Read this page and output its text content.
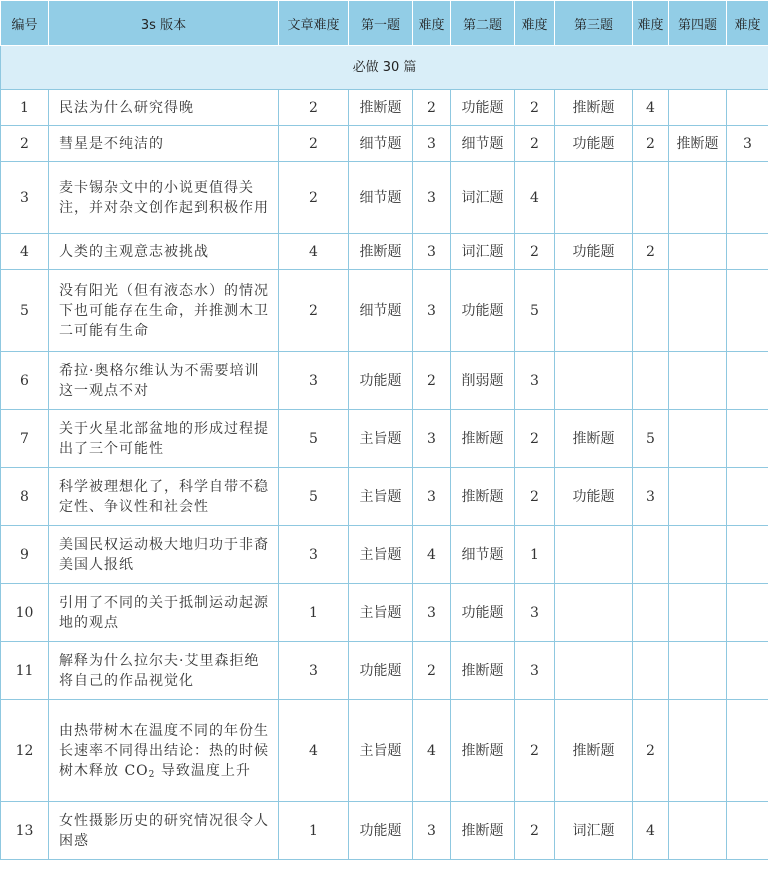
编号	3s 版本	文章难度	第一题	难度	第二题	难度	第三题	难度	第四题	难度
必做 30 篇										
1	民法为什么研究得晚	2	推断题	2	功能题	2	推断题	4		
2	彗星是不纯洁的	2	细节题	3	细节题	2	功能题	2	推断题	3
3	麦卡锡杂文中的小说更值得关注，并对杂文创作起到积极作用	2	细节题	3	词汇题	4				
4	人类的主观意志被挑战	4	推断题	3	词汇题	2	功能题	2		
5	没有阳光（但有液态水）的情况下也可能存在生命，并推测木卫二可能有生命	2	细节题	3	功能题	5				
6	希拉·奥格尔维认为不需要培训这一观点不对	3	功能题	2	削弱题	3				
7	关于火星北部盆地的形成过程提出了三个可能性	5	主旨题	3	推断题	2	推断题	5		
8	科学被理想化了，科学自带不稳定性、争议性和社会性	5	主旨题	3	推断题	2	功能题	3		
9	美国民权运动极大地归功于非裔美国人报纸	3	主旨题	4	细节题	1				
10	引用了不同的关于抵制运动起源地的观点	1	主旨题	3	功能题	3				
11	解释为什么拉尔夫·艾里森拒绝将自己的作品视觉化	3	功能题	2	推断题	3				
12	由热带树木在温度不同的年份生长速率不同得出结论：热的时候树木释放 $CO_2$ 导致温度上升	4	主旨题	4	推断题	2	推断题	2		
13	女性摄影历史的研究情况很令人困惑	1	功能题	3	推断题	2	词汇题	4		
